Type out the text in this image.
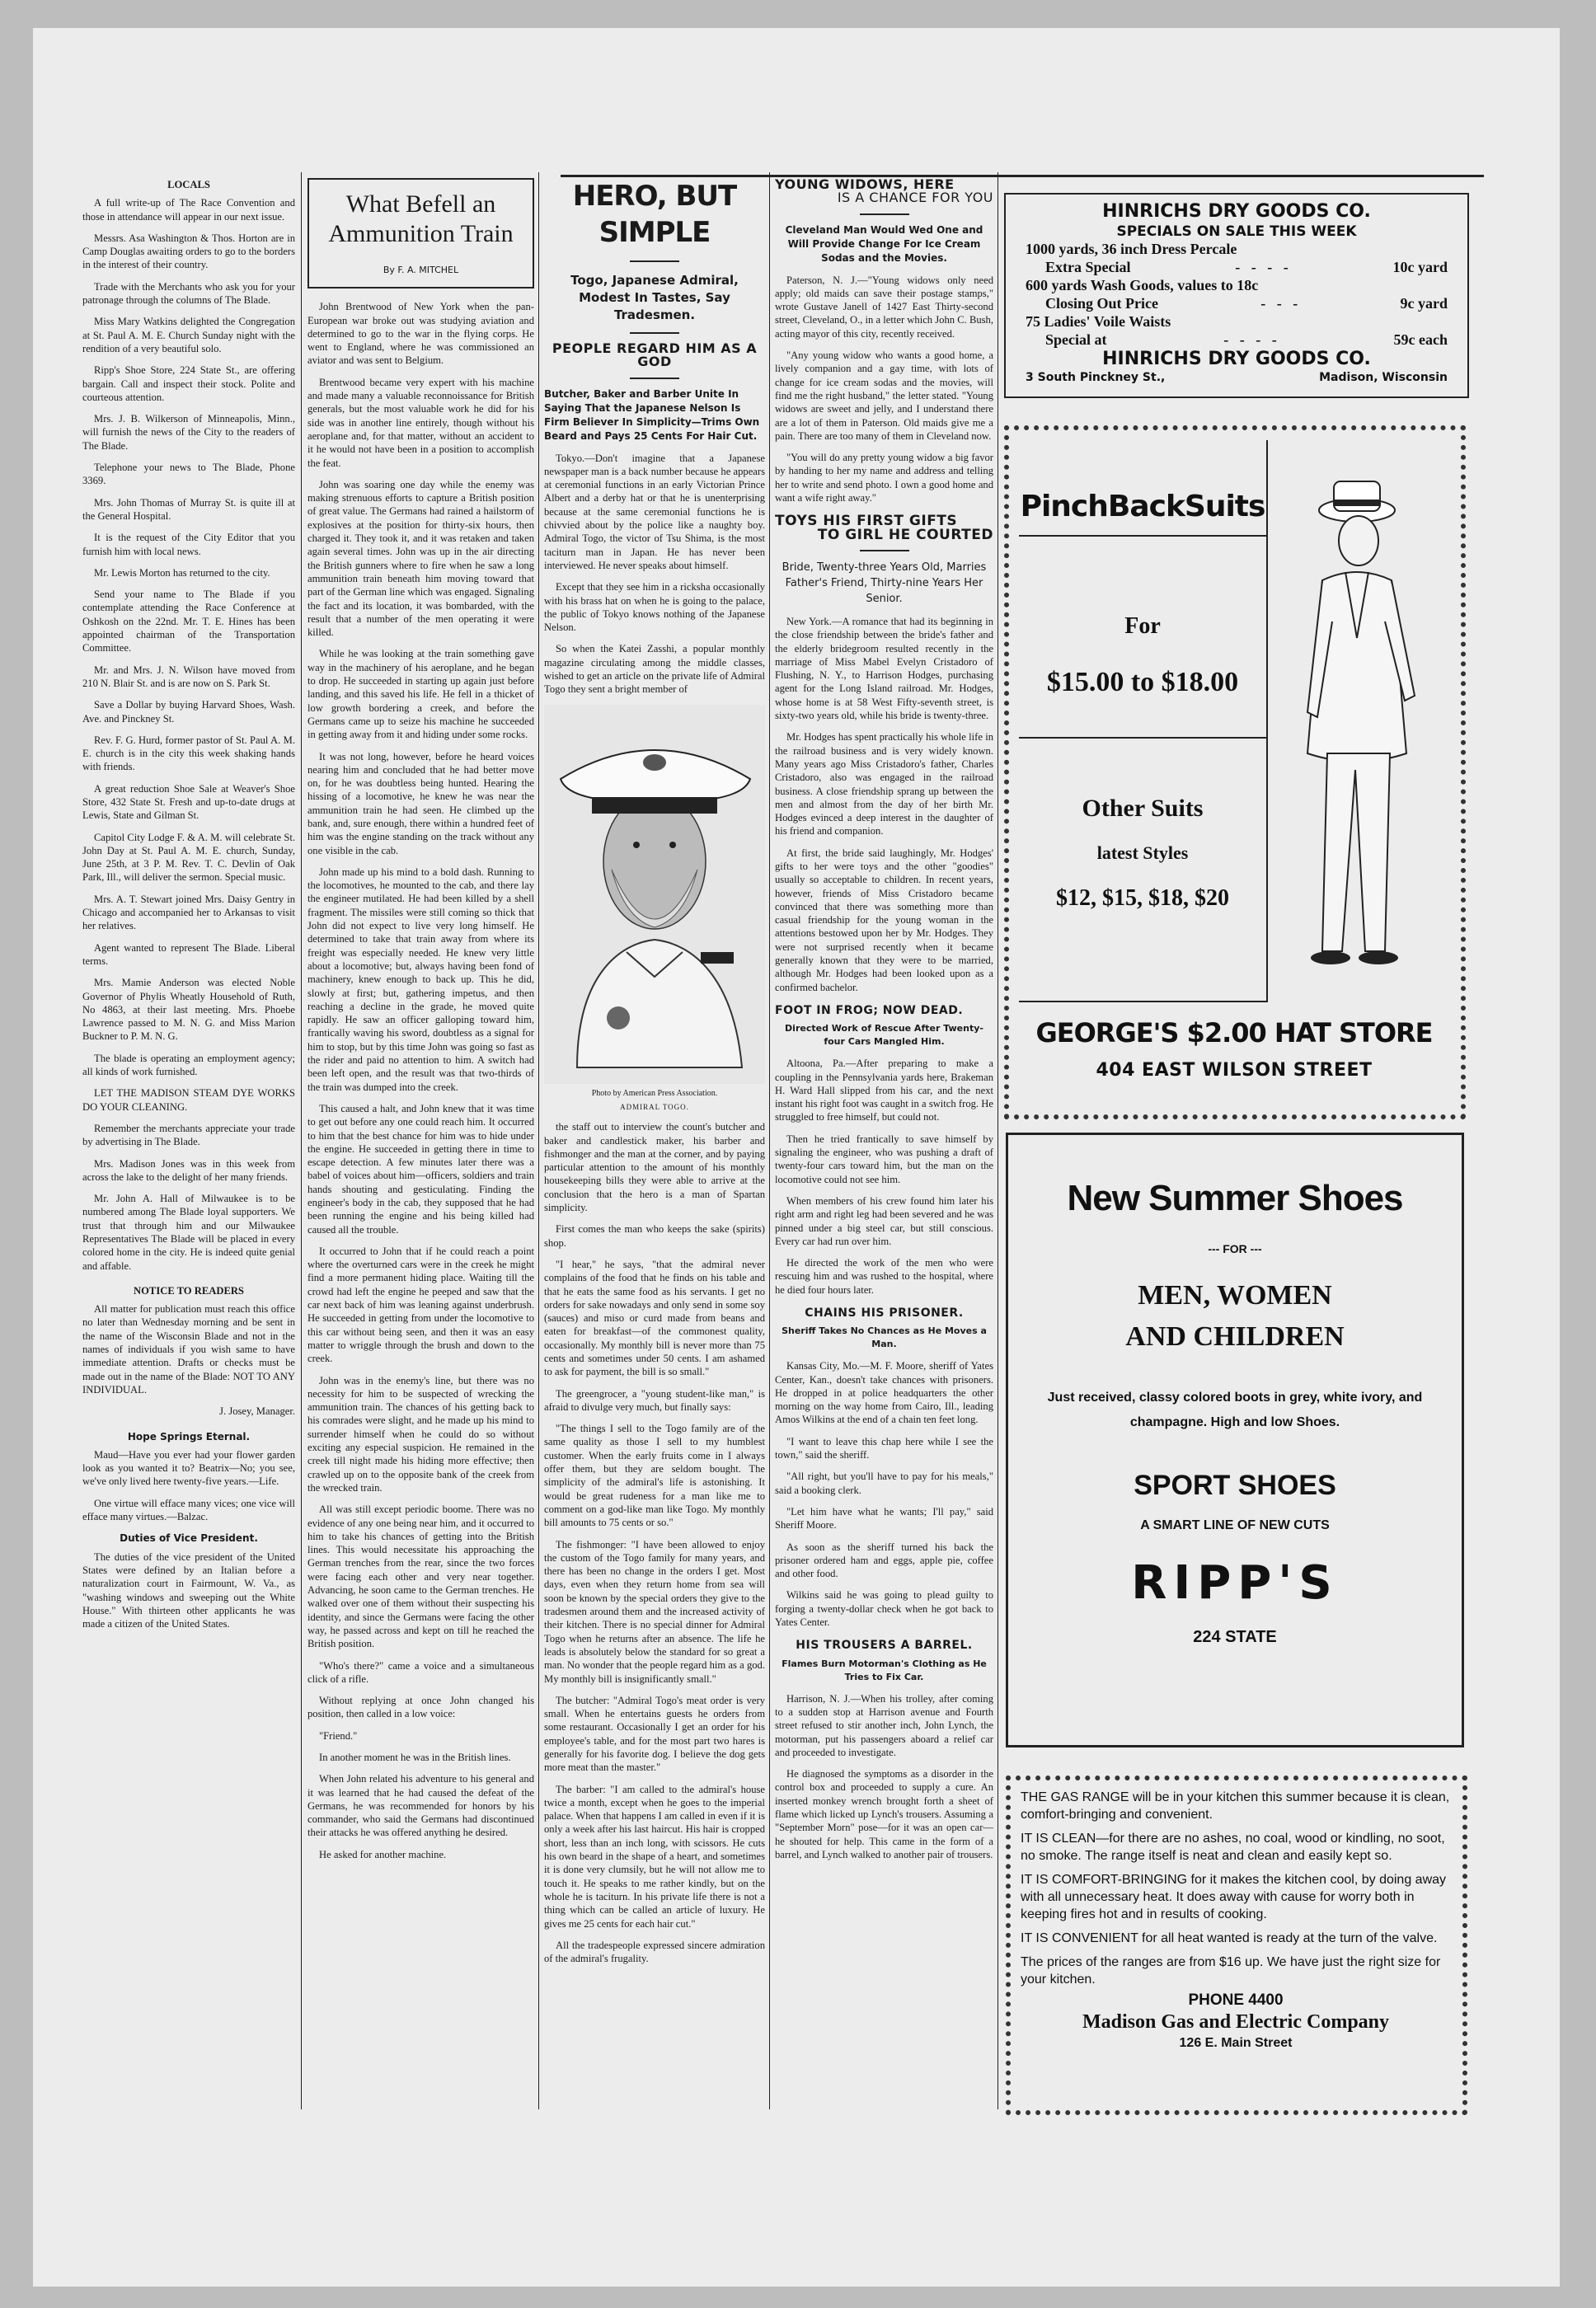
LOCALS

A full write-up of The Race Convention and those in attendance will appear in our next issue.

Messrs. Asa Washington & Thos. Horton are in Camp Douglas awaiting orders to go to the borders in the interest of their country.

Trade with the Merchants who ask you for your patronage through the columns of The Blade.

Miss Mary Watkins delighted the Congregation at St. Paul A. M. E. Church Sunday night with the rendition of a very beautiful solo.

Ripp's Shoe Store, 224 State St., are offering bargain. Call and inspect their stock. Polite and courteous attention.

Mrs. J. B. Wilkerson of Minneapolis, Minn., will furnish the news of the City to the readers of The Blade.

Telephone your news to The Blade, Phone 3369.

Mrs. John Thomas of Murray St. is quite ill at the General Hospital.

It is the request of the City Editor that you furnish him with local news.

Mr. Lewis Morton has returned to the city.

Send your name to The Blade if you contemplate attending the Race Conference at Oshkosh on the 22nd. Mr. T. E. Hines has been appointed chairman of the Transportation Committee.

Mr. and Mrs. J. N. Wilson have moved from 210 N. Blair St. and is are now on S. Park St.

Save a Dollar by buying Harvard Shoes, Wash. Ave. and Pinckney St.

Rev. F. G. Hurd, former pastor of St. Paul A. M. E. church is in the city this week shaking hands with friends.

A great reduction Shoe Sale at Weaver's Shoe Store, 432 State St. Fresh and up-to-date drugs at Lewis, State and Gilman St.

Capitol City Lodge F. & A. M. will celebrate St. John Day at St. Paul A. M. E. church, Sunday, June 25th, at 3 P. M. Rev. T. C. Devlin of Oak Park, Ill., will deliver the sermon. Special music.

Mrs. A. T. Stewart joined Mrs. Daisy Gentry in Chicago and accompanied her to Arkansas to visit her relatives.

Agent wanted to represent The Blade. Liberal terms.

Mrs. Mamie Anderson was elected Noble Governor of Phylis Wheatly Household of Ruth, No 4863, at their last meeting. Mrs. Phoebe Lawrence passed to M. N. G. and Miss Marion Buckner to P. M. N. G.

The blade is operating an employment agency; all kinds of work furnished.

LET THE MADISON STEAM DYE WORKS DO YOUR CLEANING.

Remember the merchants appreciate your trade by advertising in The Blade.

Mrs. Madison Jones was in this week from across the lake to the delight of her many friends.

Mr. John A. Hall of Milwaukee is to be numbered among The Blade loyal supporters. We trust that through him and our Milwaukee Representatives The Blade will be placed in every colored home in the city. He is indeed quite genial and affable.

NOTICE TO READERS

All matter for publication must reach this office no later than Wednesday morning and be sent in the name of the Wisconsin Blade and not in the names of individuals if you wish same to have immediate attention. Drafts or checks must be made out in the name of the Blade: NOT TO ANY INDIVIDUAL.

J. Josey, Manager.
Hope Springs Eternal.

Maud—Have you ever had your flower garden look as you wanted it to? Beatrix—No; you see, we've only lived here twenty-five years.—Life.

One virtue will efface many vices; one vice will efface many virtues.—Balzac.

Duties of Vice President.

The duties of the vice president of the United States were defined by an Italian before a naturalization court in Fairmount, W. Va., as "washing windows and sweeping out the White House." With thirteen other applicants he was made a citizen of the United States.

What Befell an Ammunition Train
By F. A. MITCHEL

John Brentwood of New York when the pan-European war broke out was studying aviation and determined to go to the war in the flying corps. He went to England, where he was commissioned an aviator and was sent to Belgium.

Brentwood became very expert with his machine and made many a valuable reconnoissance for British generals, but the most valuable work he did for his side was in another line entirely, though without his aeroplane and, for that matter, without an accident to it he would not have been in a position to accomplish the feat.

John was soaring one day while the enemy was making strenuous efforts to capture a British position of great value. The Germans had rained a hailstorm of explosives at the position for thirty-six hours, then charged it. They took it, and it was retaken and taken again several times. John was up in the air directing the British gunners where to fire when he saw a long ammunition train beneath him moving toward that part of the German line which was engaged. Signaling the fact and its location, it was bombarded, with the result that a number of the men operating it were killed.

While he was looking at the train something gave way in the machinery of his aeroplane, and he began to drop. He succeeded in starting up again just before landing, and this saved his life. He fell in a thicket of low growth bordering a creek, and before the Germans came up to seize his machine he succeeded in getting away from it and hiding under some rocks.

It was not long, however, before he heard voices nearing him and concluded that he had better move on, for he was doubtless being hunted. Hearing the hissing of a locomotive, he knew he was near the ammunition train he had seen. He climbed up the bank, and, sure enough, there within a hundred feet of him was the engine standing on the track without any one visible in the cab.

John made up his mind to a bold dash. Running to the locomotives, he mounted to the cab, and there lay the engineer mutilated. He had been killed by a shell fragment. The missiles were still coming so thick that John did not expect to live very long himself. He determined to take that train away from where its freight was especially needed. He knew very little about a locomotive; but, always having been fond of machinery, knew enough to back up. This he did, slowly at first; but, gathering impetus, and then reaching a decline in the grade, he moved quite rapidly. He saw an officer galloping toward him, frantically waving his sword, doubtless as a signal for him to stop, but by this time John was going so fast as the rider and paid no attention to him. A switch had been left open, and the result was that two-thirds of the train was dumped into the creek.

This caused a halt, and John knew that it was time to get out before any one could reach him. It occurred to him that the best chance for him was to hide under the engine. He succeeded in getting there in time to escape detection. A few minutes later there was a babel of voices about him—officers, soldiers and train hands shouting and gesticulating. Finding the engineer's body in the cab, they supposed that he had been running the engine and his being killed had caused all the trouble.

It occurred to John that if he could reach a point where the overturned cars were in the creek he might find a more permanent hiding place. Waiting till the crowd had left the engine he peeped and saw that the car next back of him was leaning against underbrush. He succeeded in getting from under the locomotive to this car without being seen, and then it was an easy matter to wriggle through the brush and down to the creek.

John was in the enemy's line, but there was no necessity for him to be suspected of wrecking the ammunition train. The chances of his getting back to his comrades were slight, and he made up his mind to surrender himself when he could do so without exciting any especial suspicion. He remained in the creek till night made his hiding more effective; then crawled up on to the opposite bank of the creek from the wrecked train.

All was still except periodic boome. There was no evidence of any one being near him, and it occurred to him to take his chances of getting into the British lines. This would necessitate his approaching the German trenches from the rear, since the two forces were facing each other and very near together. Advancing, he soon came to the German trenches. He walked over one of them without their suspecting his identity, and since the Germans were facing the other way, he passed across and kept on till he reached the British position.

"Who's there?" came a voice and a simultaneous click of a rifle.

Without replying at once John changed his position, then called in a low voice:

"Friend."

In another moment he was in the British lines.

When John related his adventure to his general and it was learned that he had caused the defeat of the Germans, he was recommended for honors by his commander, who said the Germans had discontinued their attacks he was offered anything he desired.

He asked for another machine.

HERO, BUT SIMPLE
Togo, Japanese Admiral, Modest In Tastes, Say Tradesmen.
PEOPLE REGARD HIM AS A GOD
Butcher, Baker and Barber Unite In Saying That the Japanese Nelson Is Firm Believer In Simplicity—Trims Own Beard and Pays 25 Cents For Hair Cut.

Tokyo.—Don't imagine that a Japanese newspaper man is a back number because he appears at ceremonial functions in an early Victorian Prince Albert and a derby hat or that he is unenterprising because at the same ceremonial functions he is chivvied about by the police like a naughty boy. Admiral Togo, the victor of Tsu Shima, is the most taciturn man in Japan. He has never been interviewed. He never speaks about himself.

Except that they see him in a ricksha occasionally with his brass hat on when he is going to the palace, the public of Tokyo knows nothing of the Japanese Nelson.

So when the Katei Zasshi, a popular monthly magazine circulating among the middle classes, wished to get an article on the private life of Admiral Togo they sent a bright member of

Photo by American Press Association.
ADMIRAL TOGO.

the staff out to interview the count's butcher and baker and candlestick maker, his barber and fishmonger and the man at the corner, and by paying particular attention to the amount of his monthly housekeeping bills they were able to arrive at the conclusion that the hero is a man of Spartan simplicity.

First comes the man who keeps the sake (spirits) shop.

"I hear," he says, "that the admiral never complains of the food that he finds on his table and that he eats the same food as his servants. I get no orders for sake nowadays and only send in some soy (sauces) and miso or curd made from beans and eaten for breakfast—of the commonest quality, occasionally. My monthly bill is never more than 75 cents and sometimes under 50 cents. I am ashamed to ask for payment, the bill is so small."

The greengrocer, a "young student-like man," is afraid to divulge very much, but finally says:

"The things I sell to the Togo family are of the same quality as those I sell to my humblest customer. When the early fruits come in I always offer them, but they are seldom bought. The simplicity of the admiral's life is astonishing. It would be great rudeness for a man like me to comment on a god-like man like Togo. My monthly bill amounts to 75 cents or so."

The fishmonger: "I have been allowed to enjoy the custom of the Togo family for many years, and there has been no change in the orders I get. Most days, even when they return home from sea will soon be known by the special orders they give to the tradesmen around them and the increased activity of their kitchen. There is no special dinner for Admiral Togo when he returns after an absence. The life he leads is absolutely below the standard for so great a man. No wonder that the people regard him as a god. My monthly bill is insignificantly small."

The butcher: "Admiral Togo's meat order is very small. When he entertains guests he orders from some restaurant. Occasionally I get an order for his employee's table, and for the most part two hares is generally for his favorite dog. I believe the dog gets more meat than the master."

The barber: "I am called to the admiral's house twice a month, except when he goes to the imperial palace. When that happens I am called in even if it is only a week after his last haircut. His hair is cropped short, less than an inch long, with scissors. He cuts his own beard in the shape of a heart, and sometimes it is done very clumsily, but he will not allow me to touch it. He speaks to me rather kindly, but on the whole he is taciturn. In his private life there is not a thing which can be called an article of luxury. He gives me 25 cents for each hair cut."

All the tradespeople expressed sincere admiration of the admiral's frugality.

YOUNG WIDOWS, HERE
IS A CHANCE FOR YOU
Cleveland Man Would Wed One and Will Provide Change For Ice Cream Sodas and the Movies.

Paterson, N. J.—"Young widows only need apply; old maids can save their postage stamps," wrote Gustave Janell of 1427 East Thirty-second street, Cleveland, O., in a letter which John C. Bush, acting mayor of this city, recently received.

"Any young widow who wants a good home, a lively companion and a gay time, with lots of change for ice cream sodas and the movies, will find me the right husband," the letter stated. "Young widows are sweet and jelly, and I understand there are a lot of them in Paterson. Old maids give me a pain. There are too many of them in Cleveland now.

"You will do any pretty young widow a big favor by handing to her my name and address and telling her to write and send photo. I own a good home and want a wife right away."

TOYS HIS FIRST GIFTS
TO GIRL HE COURTED
Bride, Twenty-three Years Old, Marries Father's Friend, Thirty-nine Years Her Senior.

New York.—A romance that had its beginning in the close friendship between the bride's father and the elderly bridegroom resulted recently in the marriage of Miss Mabel Evelyn Cristadoro of Flushing, N. Y., to Harrison Hodges, purchasing agent for the Long Island railroad. Mr. Hodges, whose home is at 58 West Fifty-seventh street, is sixty-two years old, while his bride is twenty-three.

Mr. Hodges has spent practically his whole life in the railroad business and is very widely known. Many years ago Miss Cristadoro's father, Charles Cristadoro, also was engaged in the railroad business. A close friendship sprang up between the men and almost from the day of her birth Mr. Hodges evinced a deep interest in the daughter of his friend and companion.

At first, the bride said laughingly, Mr. Hodges' gifts to her were toys and the other "goodies" usually so acceptable to children. In recent years, however, friends of Miss Cristadoro became convinced that there was something more than casual friendship for the young woman in the attentions bestowed upon her by Mr. Hodges. They were not surprised recently when it became generally known that they were to be married, although Mr. Hodges had been looked upon as a confirmed bachelor.

FOOT IN FROG; NOW DEAD.
Directed Work of Rescue After Twenty-four Cars Mangled Him.

Altoona, Pa.—After preparing to make a coupling in the Pennsylvania yards here, Brakeman H. Ward Hall slipped from his car, and the next instant his right foot was caught in a switch frog. He struggled to free himself, but could not.

Then he tried frantically to save himself by signaling the engineer, who was pushing a draft of twenty-four cars toward him, but the man on the locomotive could not see him.

When members of his crew found him later his right arm and right leg had been severed and he was pinned under a big steel car, but still conscious. Every car had run over him.

He directed the work of the men who were rescuing him and was rushed to the hospital, where he died four hours later.

CHAINS HIS PRISONER.
Sheriff Takes No Chances as He Moves a Man.

Kansas City, Mo.—M. F. Moore, sheriff of Yates Center, Kan., doesn't take chances with prisoners. He dropped in at police headquarters the other morning on the way home from Cairo, Ill., leading Amos Wilkins at the end of a chain ten feet long.

"I want to leave this chap here while I see the town," said the sheriff.

"All right, but you'll have to pay for his meals," said a booking clerk.

"Let him have what he wants; I'll pay," said Sheriff Moore.

As soon as the sheriff turned his back the prisoner ordered ham and eggs, apple pie, coffee and other food.

Wilkins said he was going to plead guilty to forging a twenty-dollar check when he got back to Yates Center.

HIS TROUSERS A BARREL.
Flames Burn Motorman's Clothing as He Tries to Fix Car.

Harrison, N. J.—When his trolley, after coming to a sudden stop at Harrison avenue and Fourth street refused to stir another inch, John Lynch, the motorman, put his passengers aboard a relief car and proceeded to investigate.

He diagnosed the symptoms as a disorder in the control box and proceeded to supply a cure. An inserted monkey wrench brought forth a sheet of flame which licked up Lynch's trousers. Assuming a "September Morn" pose—for it was an open car—he shouted for help. This came in the form of a barrel, and Lynch walked to another pair of trousers.

HINRICHS DRY GOODS CO.
SPECIALS ON SALE THIS WEEK
1000 yards, 36 inch Dress Percale
Extra Special	-   -   -   -	10c yard
600 yards Wash Goods, values to 18c
Closing Out Price	-   -   -	9c yard
75 Ladies' Voile Waists
Special at	-   -   -   -	59c each
HINRICHS DRY GOODS CO.
3 South Pinckney St.,	Madison, Wisconsin
PinchBackSuits
For
$15.00 to $18.00
Other Suits
latest Styles
$12, $15, $18, $20
GEORGE'S $2.00 HAT STORE
404 EAST WILSON STREET
New Summer Shoes
--- FOR ---
MEN, WOMEN
AND CHILDREN
Just received, classy colored boots in grey, white ivory, and champagne. High and low Shoes.
SPORT SHOES
A SMART LINE OF NEW CUTS
RIPP'S
224 STATE

THE GAS RANGE will be in your kitchen this summer because it is clean, comfort-bringing and convenient.

IT IS CLEAN—for there are no ashes, no coal, wood or kindling, no soot, no smoke. The range itself is neat and clean and easily kept so.

IT IS COMFORT-BRINGING for it makes the kitchen cool, by doing away with all unnecessary heat. It does away with cause for worry both in keeping fires hot and in results of cooking.

IT IS CONVENIENT for all heat wanted is ready at the turn of the valve.

The prices of the ranges are from $16 up. We have just the right size for your kitchen.

PHONE 4400
Madison Gas and Electric Company
126 E. Main Street
